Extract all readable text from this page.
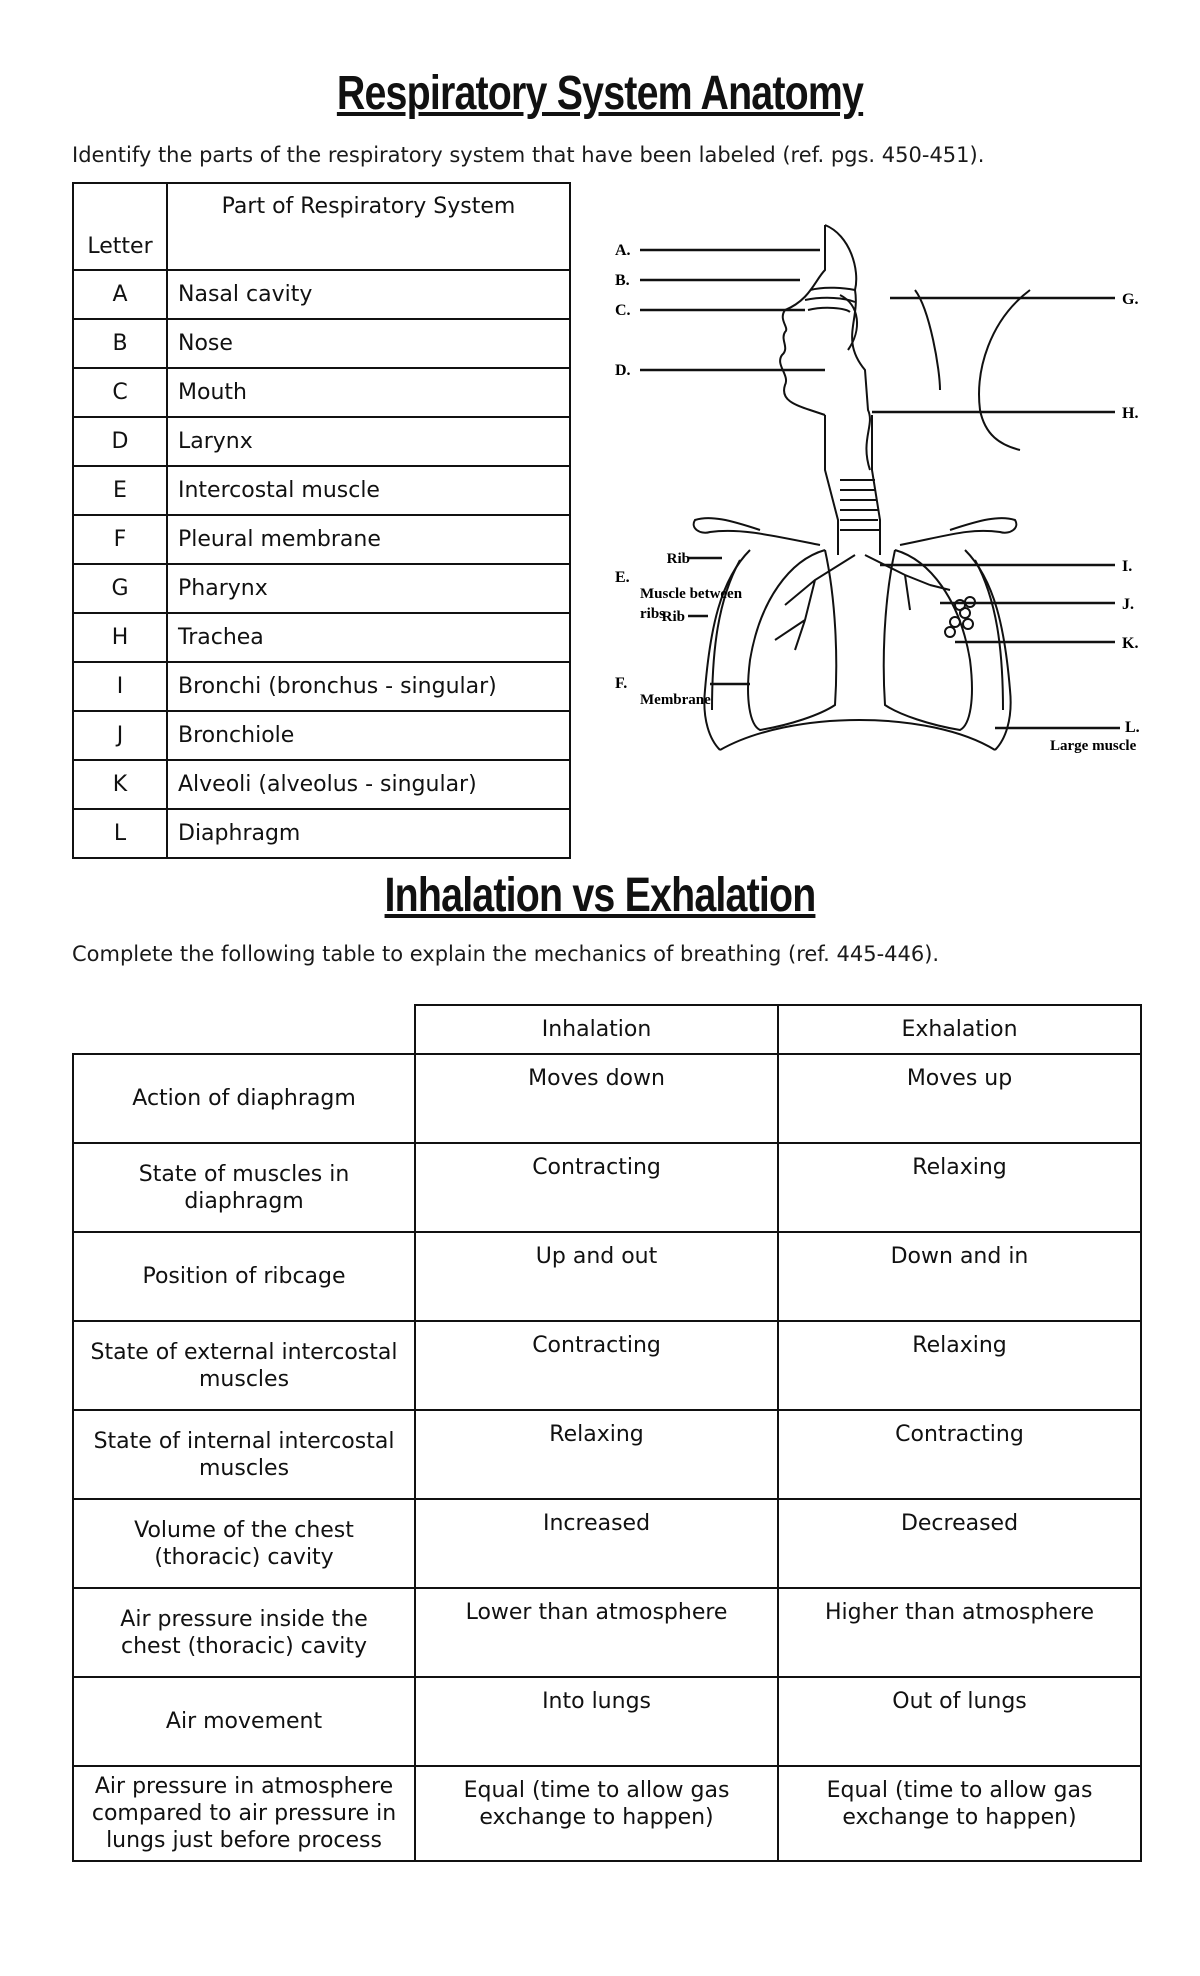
Respiratory System Anatomy

Identify the parts of the respiratory system that have been labeled (ref. pgs. 450-451).

Letter	Part of Respiratory System
A	Nasal cavity
B	Nose
C	Mouth
D	Larynx
E	Intercostal muscle
F	Pleural membrane
G	Pharynx
H	Trachea
I	Bronchi (bronchus - singular)
J	Bronchiole
K	Alveoli (alveolus - singular)
L	Diaphragm
A.
B.
C.
D.
E.
F.
G.
H.
I.
J.
K.
L.
Rib
Muscle between
ribs
Rib
Membrane
Large muscle
Inhalation vs Exhalation

Complete the following table to explain the mechanics of breathing (ref. 445-446).

	Inhalation	Exhalation
Action of diaphragm	Moves down	Moves up
State of muscles in diaphragm	Contracting	Relaxing
Position of ribcage	Up and out	Down and in
State of external intercostal muscles	Contracting	Relaxing
State of internal intercostal muscles	Relaxing	Contracting
Volume of the chest (thoracic) cavity	Increased	Decreased
Air pressure inside the chest (thoracic) cavity	Lower than atmosphere	Higher than atmosphere
Air movement	Into lungs	Out of lungs
Air pressure in atmosphere compared to air pressure in lungs just before process	Equal (time to allow gas exchange to happen)	Equal (time to allow gas exchange to happen)
